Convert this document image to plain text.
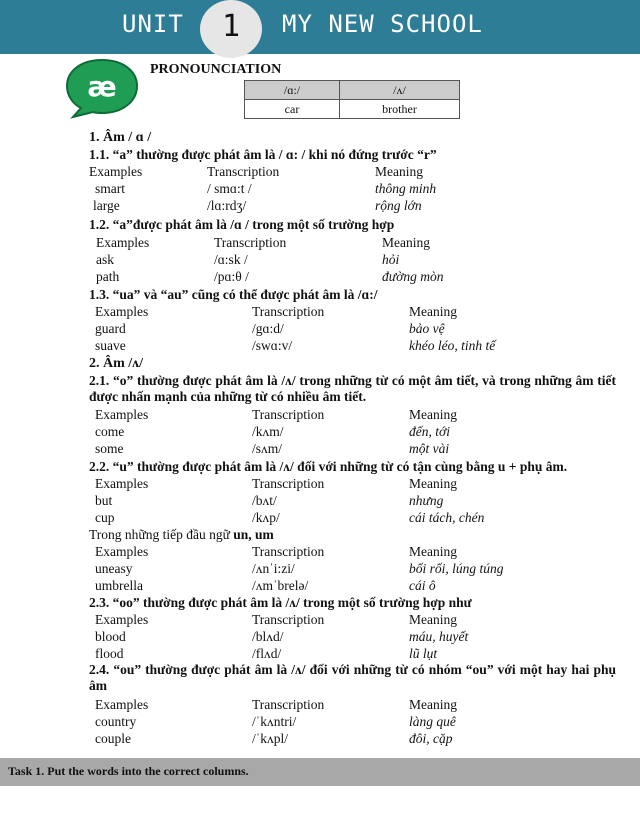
UNIT	1	MY NEW SCHOOL
æ
PRONOUNCIATION
/ɑ:/	/ʌ/
car	brother
1. Âm / ɑ /
1.1. “a” thường được phát âm là / ɑ: / khi nó đứng trước “r”
Examples	Transcription	Meaning
smart	/ smɑ:t /	thông minh
large	/lɑ:rdʒ/	rộng lớn
1.2. “a”được phát âm là /ɑ / trong một số trường hợp
Examples	Transcription	Meaning
ask	/ɑ:sk /	hỏi
path	/pɑ:θ /	đường mòn
1.3. “ua” và “au” cũng có thể được phát âm là /ɑ:/
Examples	Transcription	Meaning
guard	/gɑ:d/	bảo vệ
suave	/swɑ:v/	khéo léo, tinh tế
2. Âm /ʌ/
2.1. “o” thường được phát âm là /ʌ/ trong những từ có một âm tiết, và trong những âm tiết được nhấn mạnh của những từ có nhiều âm tiết.
Examples	Transcription	Meaning
come	/kʌm/	đến, tới
some	/sʌm/	một vài
2.2. “u” thường được phát âm là /ʌ/ đối với những từ có tận cùng bằng u + phụ âm.
Examples	Transcription	Meaning
but	/bʌt/	nhưng
cup	/kʌp/	cái tách, chén
Trong những tiếp đầu ngữ un, um
Examples	Transcription	Meaning
uneasy	/ʌnˈi:zi/	bối rối, lúng túng
umbrella	/ʌmˈbrelə/	cái ô
2.3. “oo” thường được phát âm là /ʌ/ trong một số trường hợp như
Examples	Transcription	Meaning
blood	/blʌd/	máu, huyết
flood	/flʌd/	lũ lụt
2.4. “ou” thường được phát âm là /ʌ/ đối với những từ có nhóm “ou” với một hay hai phụ âm
Examples	Transcription	Meaning
country	/ˈkʌntri/	làng quê
couple	/ˈkʌpl/	đôi, cặp
Task 1. Put the words into the correct columns.
